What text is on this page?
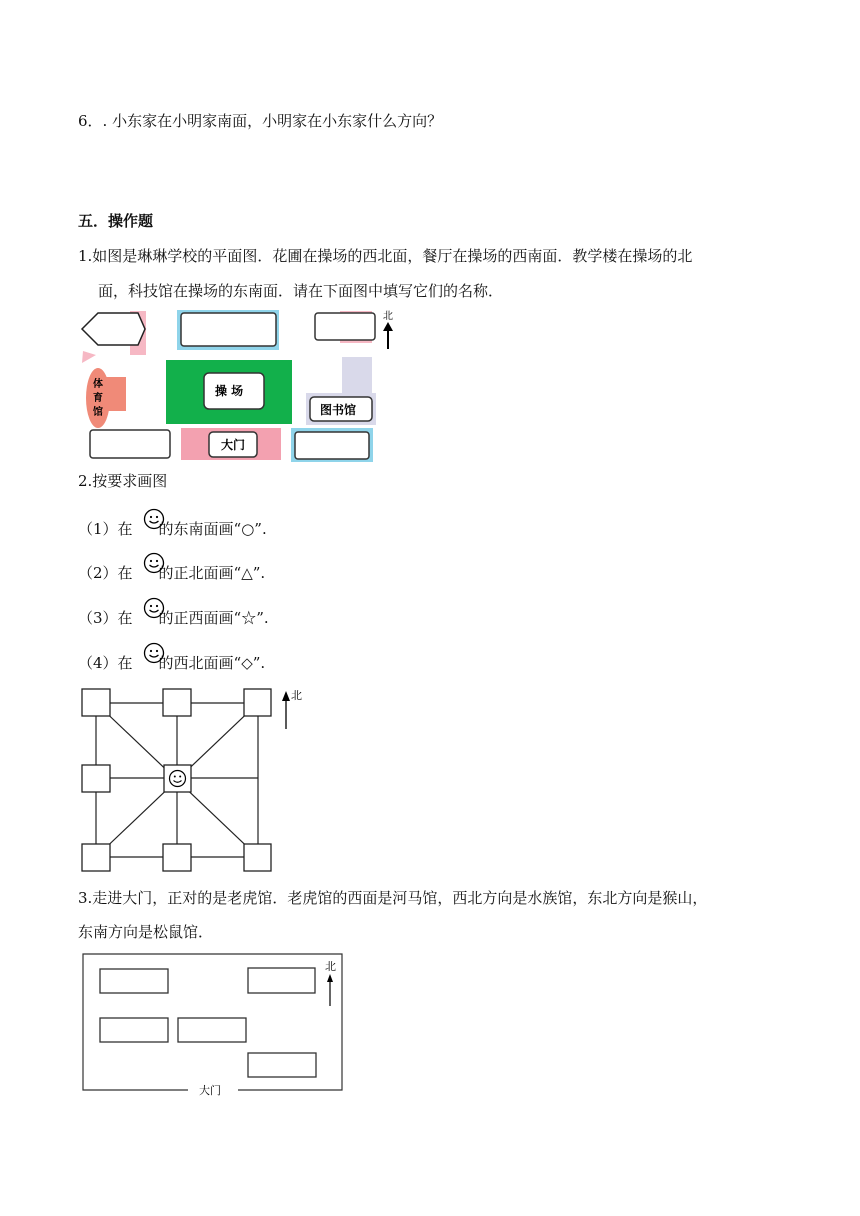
6．. 小东家在小明家南面，小明家在小东家什么方向？
五．操作题
1.如图是琳琳学校的平面图．花圃在操场的西北面，餐厅在操场的西南面．教学楼在操场的北
面，科技馆在操场的东南面．请在下面图中填写它们的名称．
北
体
育
馆
操 场
图书馆
大门
2.按要求画图
（1）在 的东南面画“○”.
（2）在 的正北面画“△”.
（3）在 的正西面画“☆”.
（4）在 的西北面画“◇”.
北
3.走进大门，正对的是老虎馆．老虎馆的西面是河马馆，西北方向是水族馆，东北方向是猴山，
东南方向是松鼠馆．
大门
北
